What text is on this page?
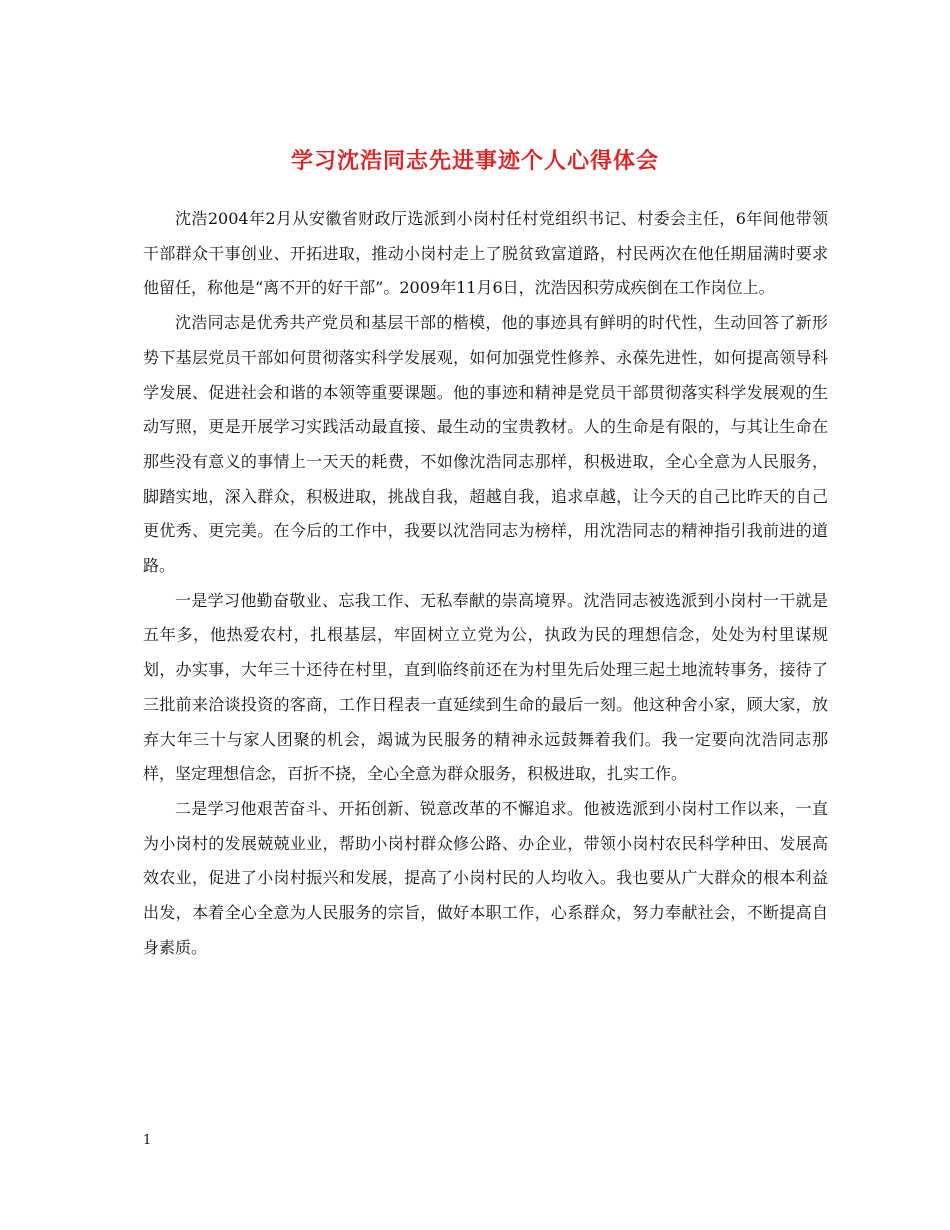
学习沈浩同志先进事迹个人心得体会

沈浩2004年2月从安徽省财政厅选派到小岗村任村党组织书记、村委会主任，6年间他带领干部群众干事创业、开拓进取，推动小岗村走上了脱贫致富道路，村民两次在他任期届满时要求他留任，称他是“离不开的好干部”。2009年11月6日，沈浩因积劳成疾倒在工作岗位上。

沈浩同志是优秀共产党员和基层干部的楷模，他的事迹具有鲜明的时代性，生动回答了新形势下基层党员干部如何贯彻落实科学发展观，如何加强党性修养、永葆先进性，如何提高领导科学发展、促进社会和谐的本领等重要课题。他的事迹和精神是党员干部贯彻落实科学发展观的生动写照，更是开展学习实践活动最直接、最生动的宝贵教材。人的生命是有限的，与其让生命在那些没有意义的事情上一天天的耗费，不如像沈浩同志那样，积极进取，全心全意为人民服务，脚踏实地，深入群众，积极进取，挑战自我，超越自我，追求卓越，让今天的自己比昨天的自己更优秀、更完美。在今后的工作中，我要以沈浩同志为榜样，用沈浩同志的精神指引我前进的道路。

一是学习他勤奋敬业、忘我工作、无私奉献的崇高境界。沈浩同志被选派到小岗村一干就是五年多，他热爱农村，扎根基层，牢固树立立党为公，执政为民的理想信念，处处为村里谋规划，办实事，大年三十还待在村里，直到临终前还在为村里先后处理三起土地流转事务，接待了三批前来洽谈投资的客商，工作日程表一直延续到生命的最后一刻。他这种舍小家，顾大家，放弃大年三十与家人团聚的机会，竭诚为民服务的精神永远鼓舞着我们。我一定要向沈浩同志那样，坚定理想信念，百折不挠，全心全意为群众服务，积极进取，扎实工作。

二是学习他艰苦奋斗、开拓创新、锐意改革的不懈追求。他被选派到小岗村工作以来，一直为小岗村的发展兢兢业业，帮助小岗村群众修公路、办企业，带领小岗村农民科学种田、发展高效农业，促进了小岗村振兴和发展，提高了小岗村民的人均收入。我也要从广大群众的根本利益出发，本着全心全意为人民服务的宗旨，做好本职工作，心系群众，努力奉献社会，不断提高自身素质。

1
